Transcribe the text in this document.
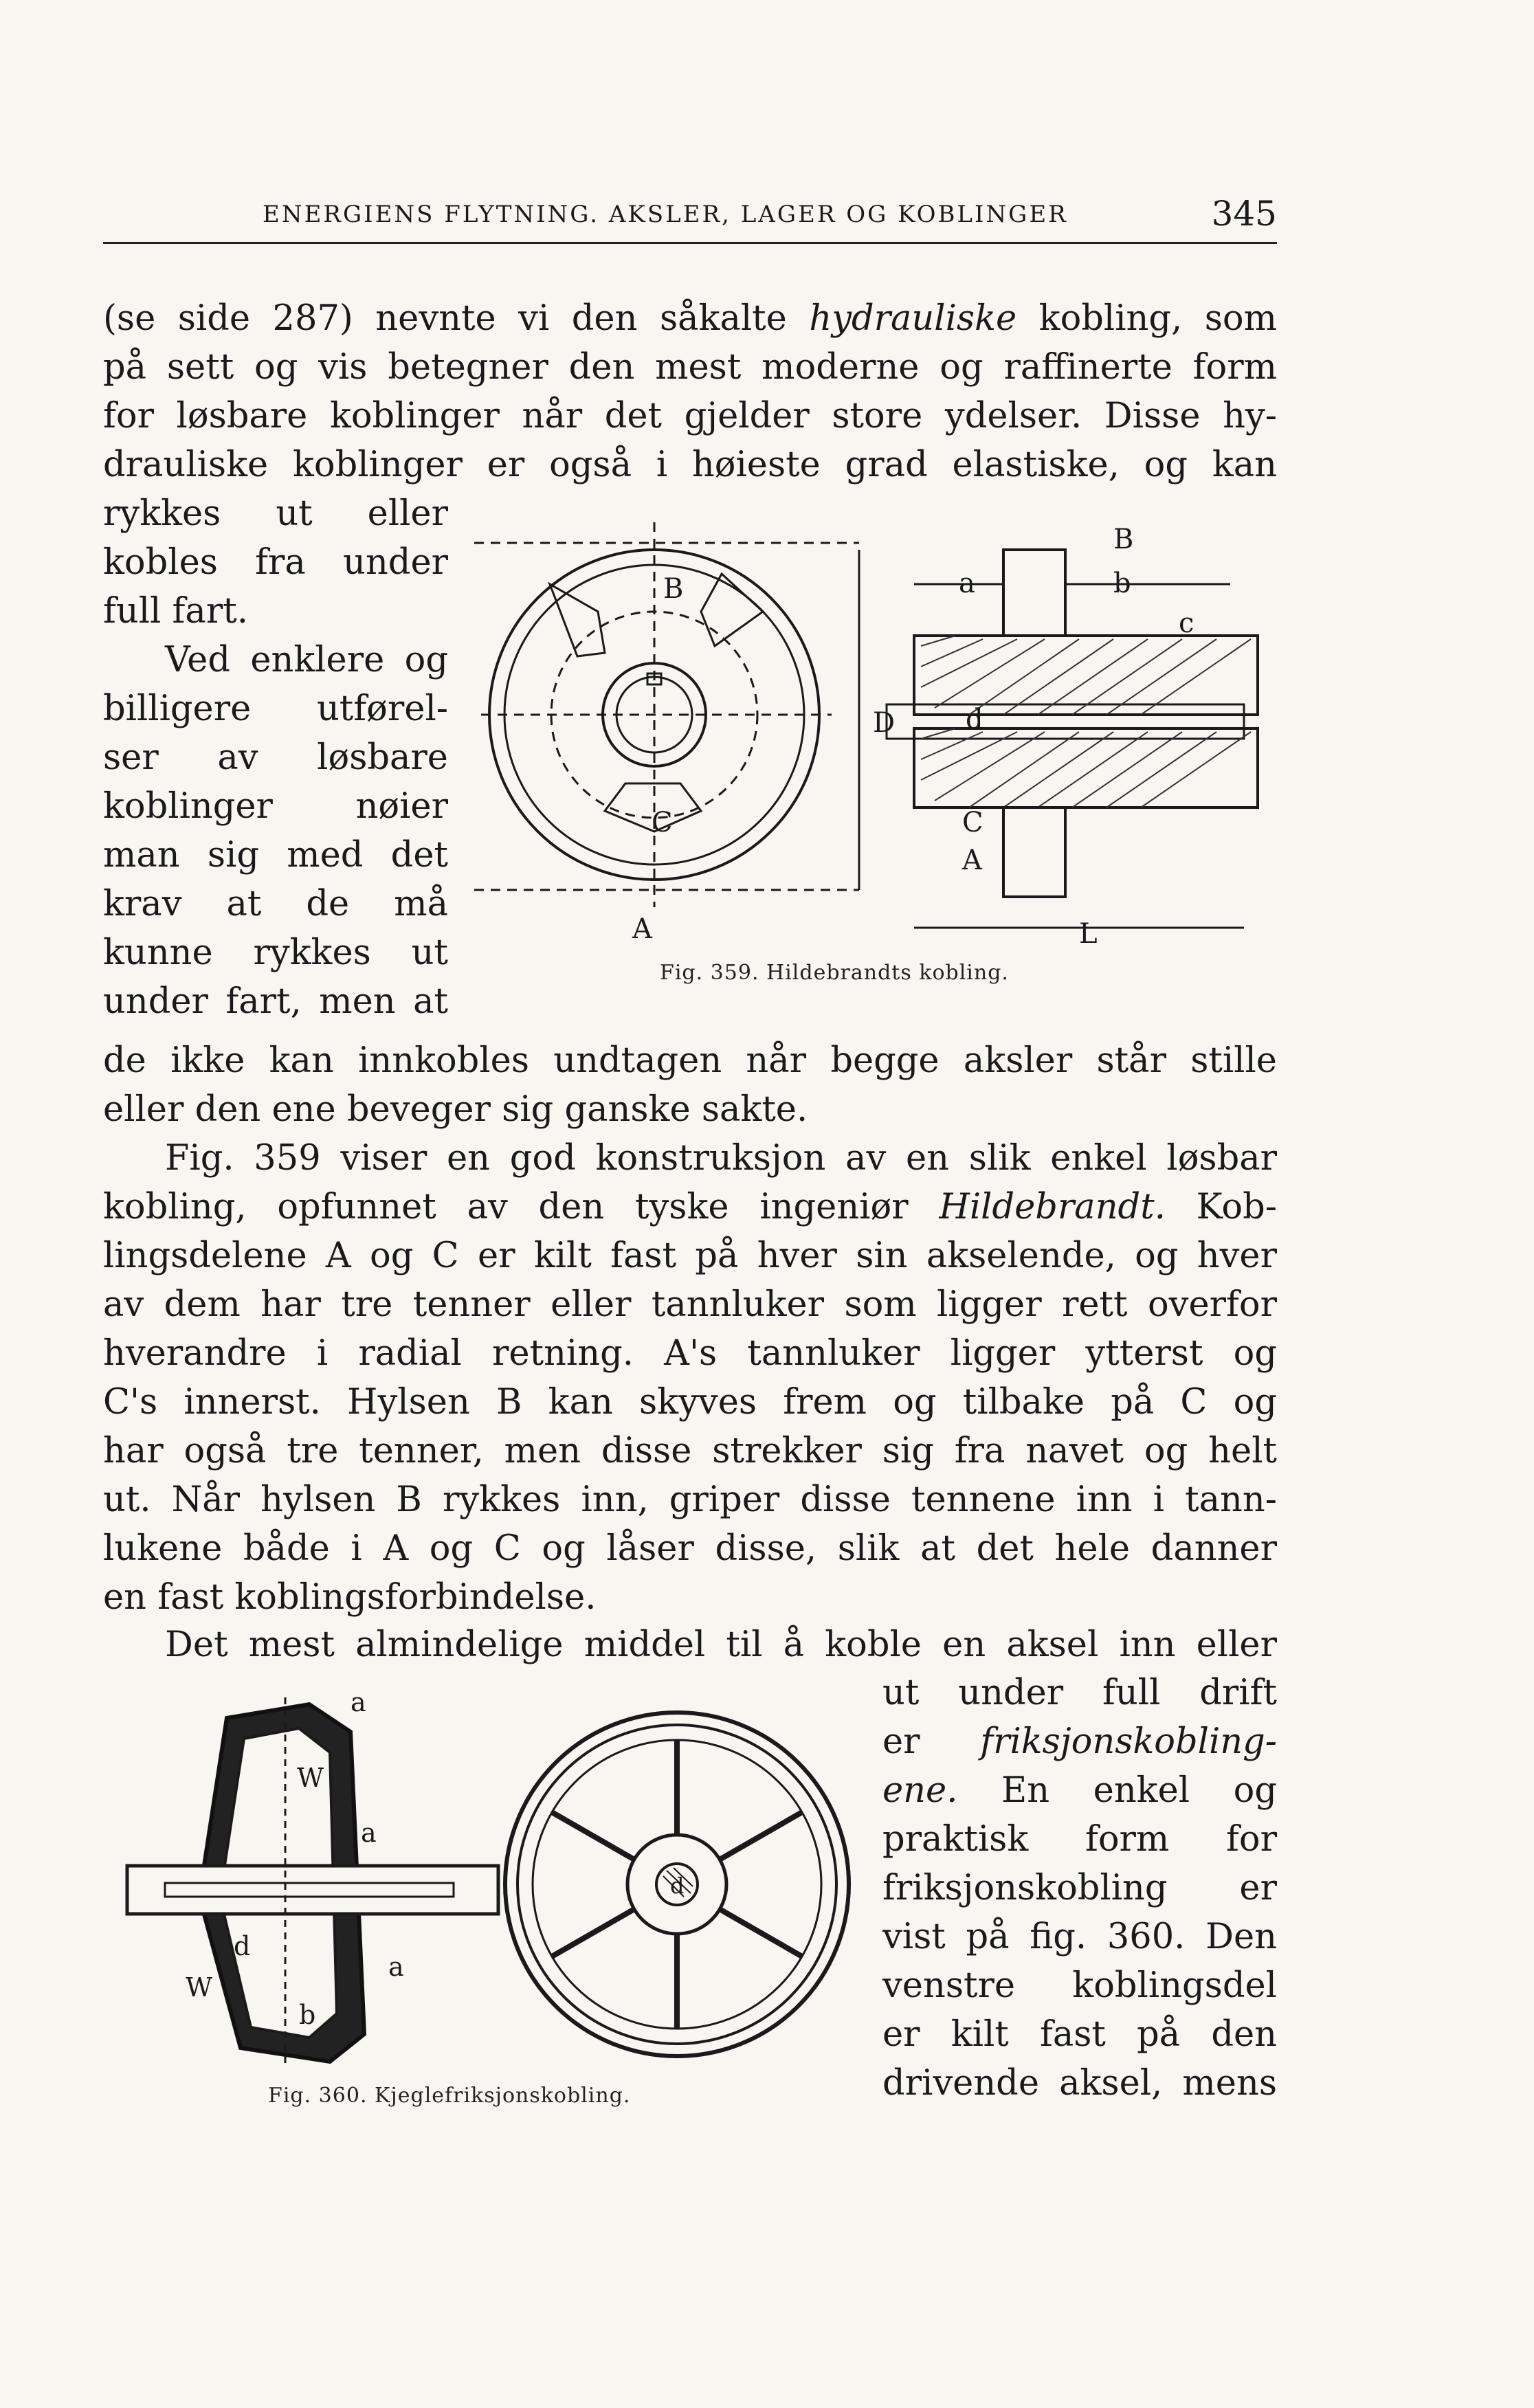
ENERGIENS FLYTNING. AKSLER, LAGER OG KOBLINGER	345
(se side 287) nevnte vi den såkalte hydrauliske kobling, som
på sett og vis betegner den mest moderne og raffinerte form
for løsbare koblinger når det gjelder store ydelser. Disse hy-
drauliske koblinger er også i høieste grad elastiske, og kan
rykkes ut eller
kobles fra under
full fart.
Ved enklere og
billigere utførel-
ser av løsbare
koblinger nøier
man sig med det
krav at de må
kunne rykkes ut
under fart, men at
B
C
A
D
a	b
c
d
C
A
L
B
Fig. 359. Hildebrandts kobling.
de ikke kan innkobles undtagen når begge aksler står stille
eller den ene beveger sig ganske sakte.
Fig. 359 viser en god konstruksjon av en slik enkel løsbar
kobling, opfunnet av den tyske ingeniør Hildebrandt. Kob-
lingsdelene A og C er kilt fast på hver sin akselende, og hver
av dem har tre tenner eller tannluker som ligger rett overfor
hverandre i radial retning. A's tannluker ligger ytterst og
C's innerst. Hylsen B kan skyves frem og tilbake på C og
har også tre tenner, men disse strekker sig fra navet og helt
ut. Når hylsen B rykkes inn, griper disse tennene inn i tann-
lukene både i A og C og låser disse, slik at det hele danner
en fast koblingsforbindelse.
Det mest almindelige middel til å koble en aksel inn eller
ut under full drift
er friksjonskobling-
ene. En enkel og
praktisk form for
friksjonskobling er
vist på fig. 360. Den
venstre koblingsdel
er kilt fast på den
drivende aksel, mens
a
W
a
d
a
W
b
d
Fig. 360. Kjeglefriksjonskobling.
